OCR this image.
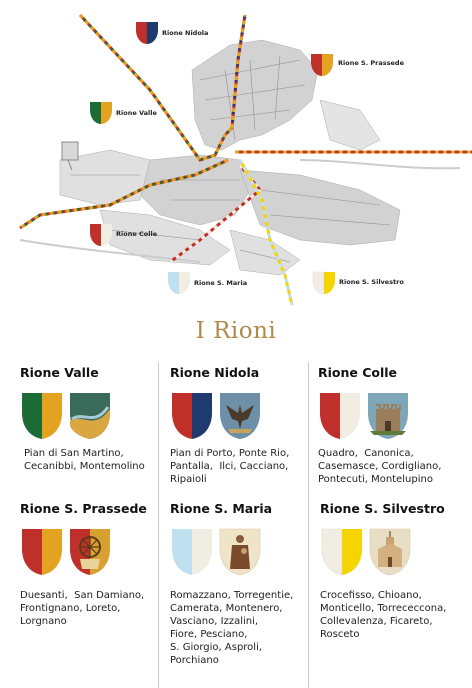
Rione Nidola
Rione S. Prassede
Rione Valle
Rione Colle
Rione S. Maria	Rione S. Silvestro
I Rioni
Rione Valle

Pian di San Martino,
Cecanibbi, Montemolino

Rione Nidola

Pian di Porto, Ponte Rio,
Pantalla,  Ilci, Cacciano,
Ripaioli

Rione Colle

Quadro,  Canonica,
Casemasce, Cordigliano,
Pontecuti, Montelupino

Rione S. Prassede

Duesanti,  San Damiano,
Frontignano, Loreto,
Lorgnano

Rione S. Maria

Romazzano, Torregentie,
Camerata, Montenero,
Vasciano, Izzalini,
Fiore, Pesciano,
S. Giorgio, Asproli,
Porchiano

Rione S. Silvestro

Crocefisso, Chioano,
Monticello, Torrececcona,
Collevalenza, Ficareto,
Rosceto
